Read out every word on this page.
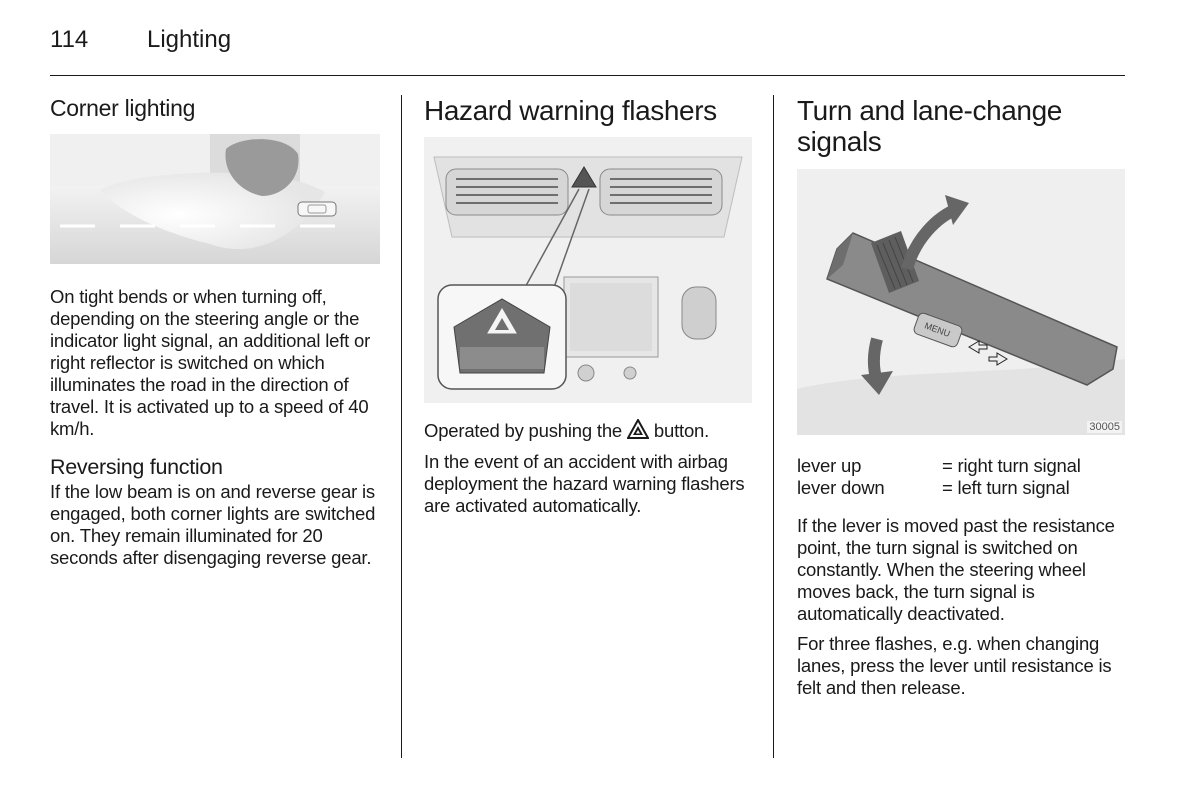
114 Lighting
Corner lighting

On tight bends or when turning off, depending on the steering angle or the indicator light signal, an additional left or right reflector is switched on which illuminates the road in the direction of travel. It is activated up to a speed of 40 km/h.

Reversing function

If the low beam is on and reverse gear is engaged, both corner lights are switched on. They remain illuminated for 20 seconds after disengaging reverse gear.

Hazard warning flashers

Operated by pushing the  button.

In the event of an accident with airbag deployment the hazard warning flashers are activated automatically.

Turn and lane-change
signals
MENU
30005
lever up	= right turn signal
lever down	= left turn signal

If the lever is moved past the resistance point, the turn signal is switched on constantly. When the steering wheel moves back, the turn signal is automatically deactivated.

For three flashes, e.g. when changing lanes, press the lever until resistance is felt and then release.
